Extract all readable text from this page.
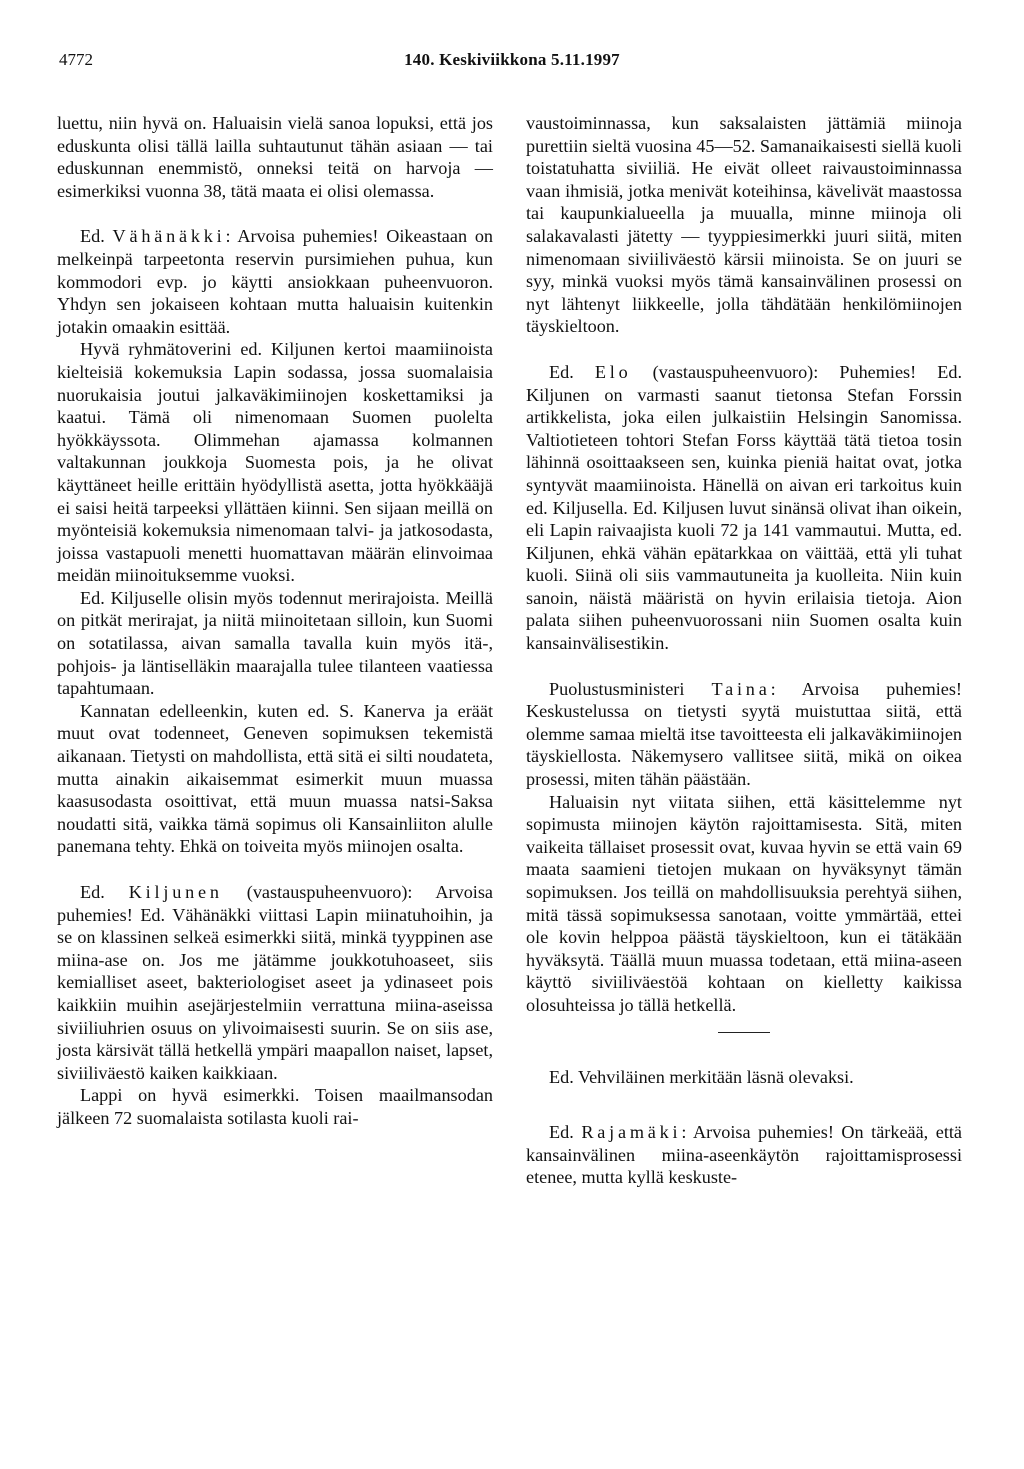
4772	140. Keskiviikkona 5.11.1997

luettu, niin hyvä on. Haluaisin vielä sanoa lopuksi, että jos eduskunta olisi tällä lailla suhtautunut tähän asiaan — tai eduskunnan enemmistö, onneksi teitä on harvoja — esimerkiksi vuonna 38, tätä maata ei olisi olemassa.

Ed. Vähänäkki: Arvoisa puhemies! Oikeastaan on melkeinpä tarpeetonta reservin pursimiehen puhua, kun kommodori evp. jo käytti ansiokkaan puheenvuoron. Yhdyn sen jokaiseen kohtaan mutta haluaisin kuitenkin jotakin omaakin esittää.

Hyvä ryhmätoverini ed. Kiljunen kertoi maamiinoista kielteisiä kokemuksia Lapin sodassa, jossa suomalaisia nuorukaisia joutui jalkaväkimiinojen koskettamiksi ja kaatui. Tämä oli nimenomaan Suomen puolelta hyökkäyssota. Olimmehan ajamassa kolmannen valtakunnan joukkoja Suomesta pois, ja he olivat käyttäneet heille erittäin hyödyllistä asetta, jotta hyökkääjä ei saisi heitä tarpeeksi yllättäen kiinni. Sen sijaan meillä on myönteisiä kokemuksia nimenomaan talvi- ja jatkosodasta, joissa vastapuoli menetti huomattavan määrän elinvoimaa meidän miinoituksemme vuoksi.

Ed. Kiljuselle olisin myös todennut merirajoista. Meillä on pitkät merirajat, ja niitä miinoitetaan silloin, kun Suomi on sotatilassa, aivan samalla tavalla kuin myös itä-, pohjois- ja läntiselläkin maarajalla tulee tilanteen vaatiessa tapahtumaan.

Kannatan edelleenkin, kuten ed. S. Kanerva ja eräät muut ovat todenneet, Geneven sopimuksen tekemistä aikanaan. Tietysti on mahdollista, että sitä ei silti noudateta, mutta ainakin aikaisemmat esimerkit muun muassa kaasusodasta osoittivat, että muun muassa natsi-Saksa noudatti sitä, vaikka tämä sopimus oli Kansainliiton alulle panemana tehty. Ehkä on toiveita myös miinojen osalta.

Ed. Kiljunen (vastauspuheenvuoro): Arvoisa puhemies! Ed. Vähänäkki viittasi Lapin miinatuhoihin, ja se on klassinen selkeä esimerkki siitä, minkä tyyppinen ase miina-ase on. Jos me jätämme joukkotuhoaseet, siis kemialliset aseet, bakteriologiset aseet ja ydinaseet pois kaikkiin muihin asejärjestelmiin verrattuna miina-aseissa siviiliuhrien osuus on ylivoimaisesti suurin. Se on siis ase, josta kärsivät tällä hetkellä ympäri maapallon naiset, lapset, siviiliväestö kaiken kaikkiaan.

Lappi on hyvä esimerkki. Toisen maailmansodan jälkeen 72 suomalaista sotilasta kuoli rai-

vaustoiminnassa, kun saksalaisten jättämiä miinoja purettiin sieltä vuosina 45—52. Samanaikaisesti siellä kuoli toistatuhatta siviiliä. He eivät olleet raivaustoiminnassa vaan ihmisiä, jotka menivät koteihinsa, kävelivät maastossa tai kaupunkialueella ja muualla, minne miinoja oli salakavalasti jätetty — tyyppiesimerkki juuri siitä, miten nimenomaan siviiliväestö kärsii miinoista. Se on juuri se syy, minkä vuoksi myös tämä kansainvälinen prosessi on nyt lähtenyt liikkeelle, jolla tähdätään henkilömiinojen täyskieltoon.

Ed. Elo (vastauspuheenvuoro): Puhemies! Ed. Kiljunen on varmasti saanut tietonsa Stefan Forssin artikkelista, joka eilen julkaistiin Helsingin Sanomissa. Valtiotieteen tohtori Stefan Forss käyttää tätä tietoa tosin lähinnä osoittaakseen sen, kuinka pieniä haitat ovat, jotka syntyvät maamiinoista. Hänellä on aivan eri tarkoitus kuin ed. Kiljusella. Ed. Kiljusen luvut sinänsä olivat ihan oikein, eli Lapin raivaajista kuoli 72 ja 141 vammautui. Mutta, ed. Kiljunen, ehkä vähän epätarkkaa on väittää, että yli tuhat kuoli. Siinä oli siis vammautuneita ja kuolleita. Niin kuin sanoin, näistä määristä on hyvin erilaisia tietoja. Aion palata siihen puheenvuorossani niin Suomen osalta kuin kansainvälisestikin.

Puolustusministeri Taina: Arvoisa puhemies! Keskustelussa on tietysti syytä muistuttaa siitä, että olemme samaa mieltä itse tavoitteesta eli jalkaväkimiinojen täyskiellosta. Näkemysero vallitsee siitä, mikä on oikea prosessi, miten tähän päästään.

Haluaisin nyt viitata siihen, että käsittelemme nyt sopimusta miinojen käytön rajoittamisesta. Sitä, miten vaikeita tällaiset prosessit ovat, kuvaa hyvin se että vain 69 maata saamieni tietojen mukaan on hyväksynyt tämän sopimuksen. Jos teillä on mahdollisuuksia perehtyä siihen, mitä tässä sopimuksessa sanotaan, voitte ymmärtää, ettei ole kovin helppoa päästä täyskieltoon, kun ei tätäkään hyväksytä. Täällä muun muassa todetaan, että miina-aseen käyttö siviiliväestöä kohtaan on kielletty kaikissa olosuhteissa jo tällä hetkellä.

Ed. Vehviläinen merkitään läsnä olevaksi.

Ed. Rajamäki: Arvoisa puhemies! On tärkeää, että kansainvälinen miina-aseenkäytön rajoittamisprosessi etenee, mutta kyllä keskuste-
